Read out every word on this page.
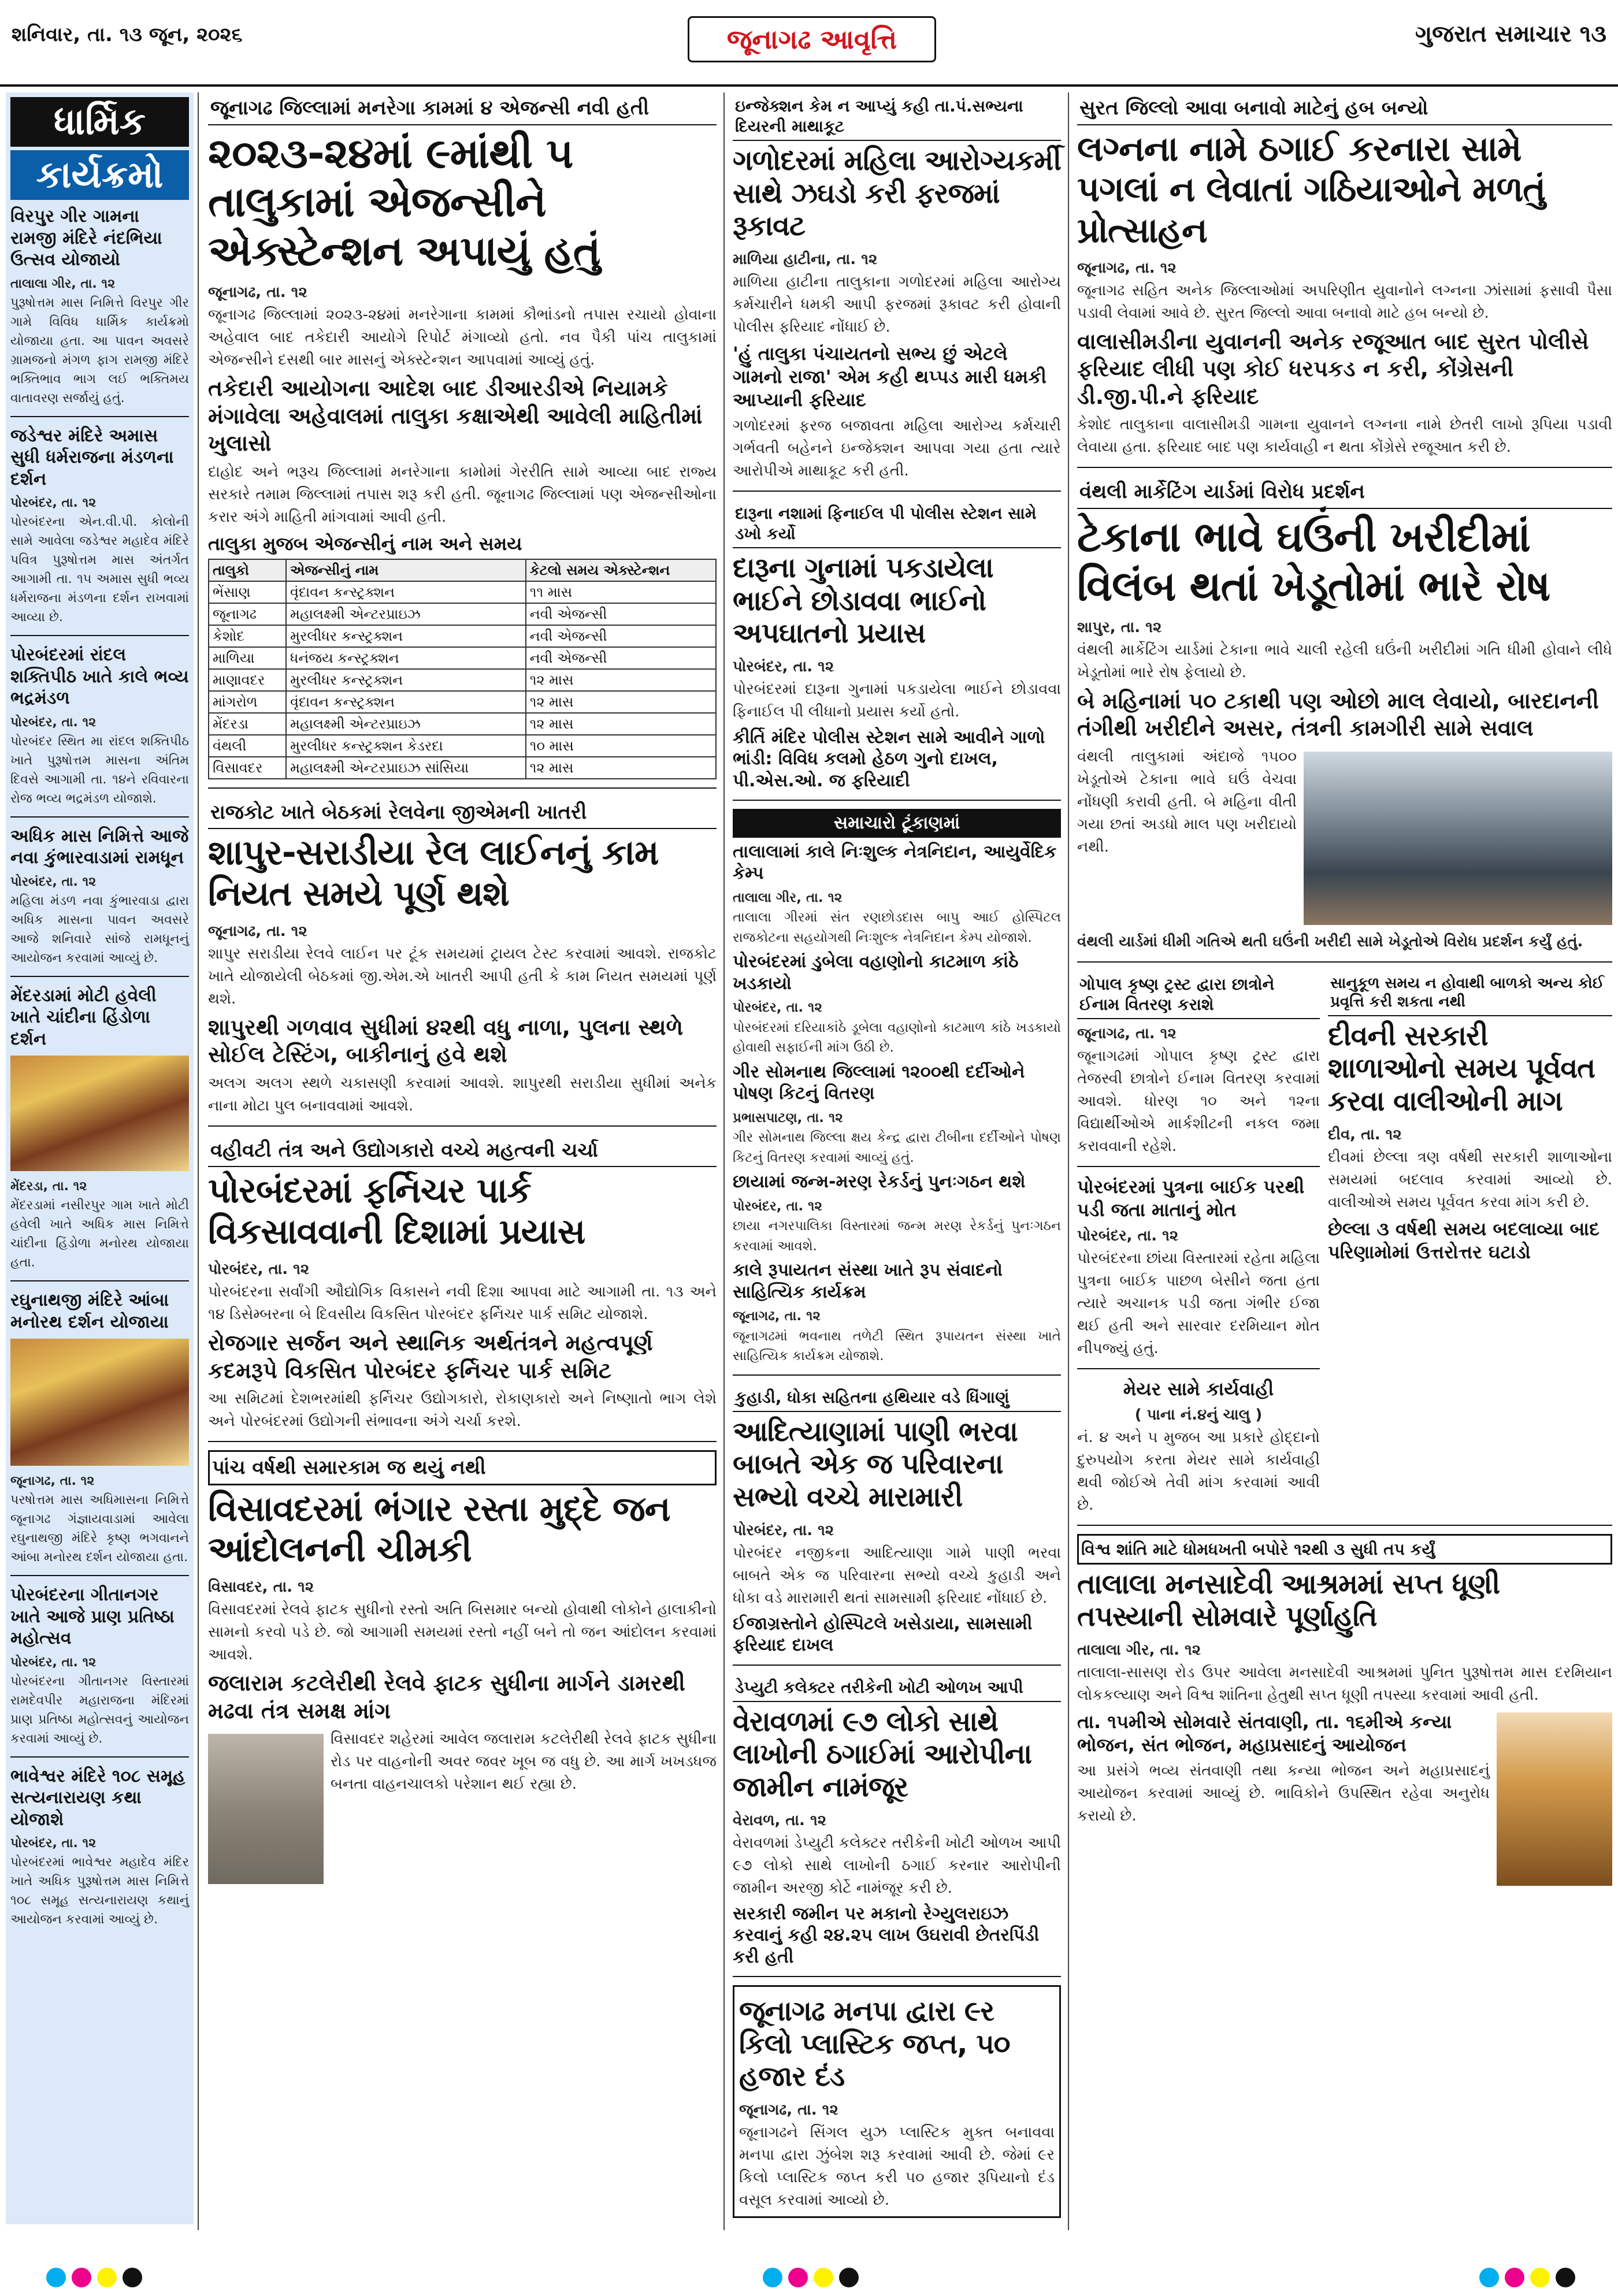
શનિવાર, તા. ૧૩ જૂન, ૨૦૨૬	જૂનાગઢ આવૃત્તિ	ગુજરાત સમાચાર ૧૩
ધાર્મિક
કાર્યક્રમો
વિરપુર ગીર ગામના રામજી મંદિરે નંદભિયા ઉત્સવ યોજાયો
તાલાલા ગીર, તા. ૧૨
પુરૂષોત્તમ માસ નિમિત્તે વિરપુર ગીર ગામે વિવિધ ધાર્મિક કાર્યક્રમો યોજાયા હતા. આ પાવન અવસરે ગ્રામજનો મંગળ ફાગ રામજી મંદિરે ભક્તિભાવ ભાગ લઈ ભક્તિમય વાતાવરણ સર્જાયું હતું.
જડેશ્વર મંદિરે અમાસ સુધી ધર્મરાજના મંડળના દર્શન
પોરબંદર, તા. ૧૨
પોરબંદરના એન.વી.પી. કોલોની સામે આવેલા જડેશ્વર મહાદેવ મંદિરે પવિત્ર પુરૂષોત્તમ માસ અંતર્ગત આગામી તા. ૧૫ અમાસ સુધી ભવ્ય ધર્મરાજના મંડળના દર્શન રાખવામાં આવ્યા છે.
પોરબંદરમાં રાંદલ શક્તિપીઠ ખાતે કાલે ભવ્ય ભદ્રમંડળ
પોરબંદર, તા. ૧૨
પોરબંદર સ્થિત મા રાંદલ શક્તિપીઠ ખાતે પુરૂષોત્તમ માસના અંતિમ દિવસે આગામી તા. ૧૪ને રવિવારના રોજ ભવ્ય ભદ્રમંડળ યોજાશે.
અધિક માસ નિમિત્તે આજે નવા કુંભારવાડામાં રામધૂન
પોરબંદર, તા. ૧૨
મહિલા મંડળ નવા કુંભારવાડા દ્વારા અધિક માસના પાવન અવસરે આજે શનિવારે સાંજે રામધૂનનું આયોજન કરવામાં આવ્યું છે.
મેંદરડામાં મોટી હવેલી ખાતે ચાંદીના હિંડોળા દર્શન
મેંદરડા, તા. ૧૨
મેંદરડામાં નસીરપુર ગામ ખાતે મોટી હવેલી ખાતે અધિક માસ નિમિત્તે ચાંદીના હિંડોળા મનોરથ યોજાયા હતા.
રઘુનાથજી મંદિરે આંબા મનોરથ દર્શન યોજાયા
જૂનાગઢ, તા. ૧૨
પરષોત્તમ માસ અધિમાસના નિમિત્તે જૂનાગઢ ગંજ્ઞાયવાડામાં આવેલા રઘુનાથજી મંદિરે કૃષ્ણ ભગવાનને આંબા મનોરથ દર્શન યોજાયા હતા.
પોરબંદરના ગીતાનગર ખાતે આજે પ્રાણ પ્રતિષ્ઠા મહોત્સવ
પોરબંદર, તા. ૧૨
પોરબંદરના ગીતાનગર વિસ્તારમાં રામદેવપીર મહારાજના મંદિરમાં પ્રાણ પ્રતિષ્ઠા મહોત્સવનું આયોજન કરવામાં આવ્યું છે.
ભાવેશ્વર મંદિરે ૧૦૮ સમૂહ સત્યનારાયણ કથા યોજાશે
પોરબંદર, તા. ૧૨
પોરબંદરમાં ભાવેશ્વર મહાદેવ મંદિર ખાતે અધિક પુરૂષોત્તમ માસ નિમિત્તે ૧૦૮ સમૂહ સત્યનારાયણ કથાનું આયોજન કરવામાં આવ્યું છે.
જૂનાગઢ જિલ્લામાં મનરેગા કામમાં ૪ એજન્સી નવી હતી
૨૦૨૩-૨૪માં ૯માંથી ૫ તાલુકામાં એજન્સીને એક્સ્ટેન્શન અપાયું હતું
જૂનાગઢ, તા. ૧૨
જૂનાગઢ જિલ્લામાં ૨૦૨૩-૨૪માં મનરેગાના કામમાં કૌભાંડનો તપાસ રચાયો હોવાના અહેવાલ બાદ તકેદારી આયોગે રિપોર્ટ મંગાવ્યો હતો. નવ પૈકી પાંચ તાલુકામાં એજન્સીને દસથી બાર માસનું એક્સ્ટેન્શન આપવામાં આવ્યું હતું.
તકેદારી આયોગના આદેશ બાદ ડીઆરડીએ નિયામકે મંગાવેલા અહેવાલમાં તાલુકા કક્ષાએથી આવેલી માહિતીમાં ખુલાસો
દાહોદ અને ભરૂચ જિલ્લામાં મનરેગાના કામોમાં ગેરરીતિ સામે આવ્યા બાદ રાજ્ય સરકારે તમામ જિલ્લામાં તપાસ શરૂ કરી હતી. જૂનાગઢ જિલ્લામાં પણ એજન્સીઓના કરાર અંગે માહિતી માંગવામાં આવી હતી.
તાલુકા મુજબ એજન્સીનું નામ અને સમય
તાલુકો	એજન્સીનું નામ	કેટલો સમય એક્સ્ટેન્શન
ભેંસાણ	વૃંદાવન કન્સ્ટ્રક્શન	૧૧ માસ
જૂનાગઢ	મહાલક્ષ્મી એન્ટરપ્રાઇઝ	નવી એજન્સી
કેશોદ	મુરલીધર કન્સ્ટ્રક્શન	નવી એજન્સી
માળિયા	ધનંજય કન્સ્ટ્રક્શન	નવી એજન્સી
માણાવદર	મુરલીધર કન્સ્ટ્રક્શન	૧૨ માસ
માંગરોળ	વૃંદાવન કન્સ્ટ્રક્શન	૧૨ માસ
મેંદરડા	મહાલક્ષ્મી એન્ટરપ્રાઇઝ	૧૨ માસ
વંથલી	મુરલીધર કન્સ્ટ્રક્શન કેડરદા	૧૦ માસ
વિસાવદર	મહાલક્ષ્મી એન્ટરપ્રાઇઝ સાંસિયા	૧૨ માસ
રાજકોટ ખાતે બેઠકમાં રેલવેના જીએમની ખાતરી
શાપુર-સરાડીયા રેલ લાઈનનું કામ નિયત સમયે પૂર્ણ થશે
જૂનાગઢ, તા. ૧૨
શાપુર સરાડીયા રેલવે લાઈન પર ટૂંક સમયમાં ટ્રાયલ ટેસ્ટ કરવામાં આવશે. રાજકોટ ખાતે યોજાયેલી બેઠકમાં જી.એમ.એ ખાતરી આપી હતી કે કામ નિયત સમયમાં પૂર્ણ થશે.
શાપુરથી ગળવાવ સુધીમાં ૪૨થી વધુ નાળા, પુલના સ્થળે સોઈલ ટેસ્ટિંગ, બાકીનાનું હવે થશે
અલગ અલગ સ્થળે ચકાસણી કરવામાં આવશે. શાપુરથી સરાડીયા સુધીમાં અનેક નાના મોટા પુલ બનાવવામાં આવશે.
વહીવટી તંત્ર અને ઉદ્યોગકારો વચ્ચે મહત્વની ચર્ચા
પોરબંદરમાં ફર્નિચર પાર્ક વિકસાવવાની દિશામાં પ્રયાસ
પોરબંદર, તા. ૧૨
પોરબંદરના સર્વાંગી ઔદ્યોગિક વિકાસને નવી દિશા આપવા માટે આગામી તા. ૧૩ અને ૧૪ ડિસેમ્બરના બે દિવસીય વિકસિત પોરબંદર ફર્નિચર પાર્ક સમિટ યોજાશે.
રોજગાર સર્જન અને સ્થાનિક અર્થતંત્રને મહત્વપૂર્ણ કદમરૂપે વિકસિત પોરબંદર ફર્નિચર પાર્ક સમિટ
આ સમિટમાં દેશભરમાંથી ફર્નિચર ઉદ્યોગકારો, રોકાણકારો અને નિષ્ણાતો ભાગ લેશે અને પોરબંદરમાં ઉદ્યોગની સંભાવના અંગે ચર્ચા કરશે.
પાંચ વર્ષથી સમારકામ જ થયું નથી
વિસાવદરમાં ભંગાર રસ્તા મુદ્દે જન આંદોલનની ચીમકી
વિસાવદર, તા. ૧૨
વિસાવદરમાં રેલવે ફાટક સુધીનો રસ્તો અતિ બિસમાર બન્યો હોવાથી લોકોને હાલાકીનો સામનો કરવો પડે છે. જો આગામી સમયમાં રસ્તો નહીં બને તો જન આંદોલન કરવામાં આવશે.
જલારામ કટલેરીથી રેલવે ફાટક સુધીના માર્ગને ડામરથી મઢવા તંત્ર સમક્ષ માંગ
વિસાવદર શહેરમાં આવેલ જલારામ કટલેરીથી રેલવે ફાટક સુધીના રોડ પર વાહનોની અવર જવર ખૂબ જ વધુ છે. આ માર્ગ ખખડધજ બનતા વાહનચાલકો પરેશાન થઈ રહ્યા છે.
ઇન્જેક્શન કેમ ન આપ્યું કહી તા.પં.સભ્યના દિયરની માથાકૂટ
ગળોદરમાં મહિલા આરોગ્યકર્મી સાથે ઝઘડો કરી ફરજમાં રૂકાવટ
માળિયા હાટીના, તા. ૧૨
માળિયા હાટીના તાલુકાના ગળોદરમાં મહિલા આરોગ્ય કર્મચારીને ધમકી આપી ફરજમાં રૂકાવટ કરી હોવાની પોલીસ ફરિયાદ નોંધાઈ છે.
'હું તાલુકા પંચાયતનો સભ્ય છું એટલે ગામનો રાજા' એમ કહી થપ્પડ મારી ધમકી આપ્યાની ફરિયાદ
ગળોદરમાં ફરજ બજાવતા મહિલા આરોગ્ય કર્મચારી ગર્ભવતી બહેનને ઇન્જેક્શન આપવા ગયા હતા ત્યારે આરોપીએ માથાકૂટ કરી હતી.
દારૂના નશામાં ફિનાઈલ પી પોલીસ સ્ટેશન સામે ડખો કર્યો
દારૂના ગુનામાં પકડાયેલા ભાઈને છોડાવવા ભાઈનો અપઘાતનો પ્રયાસ
પોરબંદર, તા. ૧૨
પોરબંદરમાં દારૂના ગુનામાં પકડાયેલા ભાઈને છોડાવવા ફિનાઈલ પી લીધાનો પ્રયાસ કર્યો હતો.
કીર્તિ મંદિર પોલીસ સ્ટેશન સામે આવીને ગાળો ભાંડી: વિવિધ કલમો હેઠળ ગુનો દાખલ, પી.એસ.ઓ. જ ફરિયાદી
સમાચારો ટૂંકાણમાં
તાલાલામાં કાલે નિઃશુલ્ક નેત્રનિદાન, આયુર્વેદિક કેમ્પ
તાલાલા ગીર, તા. ૧૨
તાલાલા ગીરમાં સંત રણછોડદાસ બાપુ આઈ હોસ્પિટલ રાજકોટના સહયોગથી નિઃશુલ્ક નેત્રનિદાન કેમ્પ યોજાશે.
પોરબંદરમાં ડુબેલા વહાણોનો કાટમાળ કાંઠે ખડકાયો
પોરબંદર, તા. ૧૨
પોરબંદરમાં દરિયાકાંઠે ડૂબેલા વહાણોનો કાટમાળ કાંઠે ખડકાયો હોવાથી સફાઈની માંગ ઉઠી છે.
ગીર સોમનાથ જિલ્લામાં ૧૨૦૦થી દર્દીઓને પોષણ કિટનું વિતરણ
પ્રભાસપાટણ, તા. ૧૨
ગીર સોમનાથ જિલ્લા ક્ષય કેન્દ્ર દ્વારા ટીબીના દર્દીઓને પોષણ કિટનું વિતરણ કરવામાં આવ્યું હતું.
છાયામાં જન્મ-મરણ રેકર્ડનું પુનઃગઠન થશે
પોરબંદર, તા. ૧૨
છાયા નગરપાલિકા વિસ્તારમાં જન્મ મરણ રેકર્ડનું પુનઃગઠન કરવામાં આવશે.
કાલે રૂપાયતન સંસ્થા ખાતે રૂપ સંવાદનો સાહિત્યિક કાર્યક્રમ
જૂનાગઢ, તા. ૧૨
જૂનાગઢમાં ભવનાથ તળેટી સ્થિત રૂપાયતન સંસ્થા ખાતે સાહિત્યિક કાર્યક્રમ યોજાશે.
કુહાડી, ધોકા સહિતના હથિયાર વડે ધિંગાણું
આદિત્યાણામાં પાણી ભરવા બાબતે એક જ પરિવારના સભ્યો વચ્ચે મારામારી
પોરબંદર, તા. ૧૨
પોરબંદર નજીકના આદિત્યાણા ગામે પાણી ભરવા બાબતે એક જ પરિવારના સભ્યો વચ્ચે કુહાડી અને ધોકા વડે મારામારી થતાં સામસામી ફરિયાદ નોંધાઈ છે.
ઈજાગ્રસ્તોને હોસ્પિટલે ખસેડાયા, સામસામી ફરિયાદ દાખલ
ડેપ્યુટી કલેક્ટર તરીકેની ખોટી ઓળખ આપી
વેરાવળમાં ૯૭ લોકો સાથે લાખોની ઠગાઈમાં આરોપીના જામીન નામંજૂર
વેરાવળ, તા. ૧૨
વેરાવળમાં ડેપ્યુટી કલેક્ટર તરીકેની ખોટી ઓળખ આપી ૯૭ લોકો સાથે લાખોની ઠગાઈ કરનાર આરોપીની જામીન અરજી કોર્ટે નામંજૂર કરી છે.
સરકારી જમીન પર મકાનો રેગ્યુલરાઇઝ કરવાનું કહી ૨૪.૨૫ લાખ ઉઘરાવી છેતરપિંડી કરી હતી
જૂનાગઢ મનપા દ્વારા ૯ર કિલો પ્લાસ્ટિક જપ્ત, ૫૦ હજાર દંડ
જૂનાગઢ, તા. ૧૨
જૂનાગઢને સિંગલ યુઝ પ્લાસ્ટિક મુક્ત બનાવવા મનપા દ્વારા ઝુંબેશ શરૂ કરવામાં આવી છે. જેમાં ૯ર કિલો પ્લાસ્ટિક જપ્ત કરી ૫૦ હજાર રૂપિયાનો દંડ વસૂલ કરવામાં આવ્યો છે.
સુરત જિલ્લો આવા બનાવો માટેનું હબ બન્યો
લગ્નના નામે ઠગાઈ કરનારા સામે પગલાં ન લેવાતાં ગઠિયાઓને મળતું પ્રોત્સાહન
જૂનાગઢ, તા. ૧૨
જૂનાગઢ સહિત અનેક જિલ્લાઓમાં અપરિણીત યુવાનોને લગ્નના ઝાંસામાં ફસાવી પૈસા પડાવી લેવામાં આવે છે. સુરત જિલ્લો આવા બનાવો માટે હબ બન્યો છે.
વાલાસીમડીના યુવાનની અનેક રજૂઆત બાદ સુરત પોલીસે ફરિયાદ લીધી પણ કોઈ ધરપકડ ન કરી, કોંગ્રેસની ડી.જી.પી.ને ફરિયાદ
કેશોદ તાલુકાના વાલાસીમડી ગામના યુવાનને લગ્નના નામે છેતરી લાખો રૂપિયા પડાવી લેવાયા હતા. ફરિયાદ બાદ પણ કાર્યવાહી ન થતા કોંગ્રેસે રજૂઆત કરી છે.
વંથલી માર્કેટિંગ યાર્ડમાં વિરોધ પ્રદર્શન
ટેકાના ભાવે ઘઉંની ખરીદીમાં વિલંબ થતાં ખેડૂતોમાં ભારે રોષ
શાપુર, તા. ૧૨
વંથલી માર્કેટિંગ યાર્ડમાં ટેકાના ભાવે ચાલી રહેલી ઘઉંની ખરીદીમાં ગતિ ધીમી હોવાને લીધે ખેડૂતોમાં ભારે રોષ ફેલાયો છે.
બે મહિનામાં ૫૦ ટકાથી પણ ઓછો માલ લેવાયો, બારદાનની તંગીથી ખરીદીને અસર, તંત્રની કામગીરી સામે સવાલ
વંથલી તાલુકામાં અંદાજે ૧૫૦૦ ખેડૂતોએ ટેકાના ભાવે ઘઉં વેચવા નોંધણી કરાવી હતી. બે મહિના વીતી ગયા છતાં અડધો માલ પણ ખરીદાયો નથી.
વંથલી યાર્ડમાં ધીમી ગતિએ થતી ઘઉંની ખરીદી સામે ખેડૂતોએ વિરોધ પ્રદર્શન કર્યું હતું.
ગોપાલ કૃષ્ણ ટ્રસ્ટ દ્વારા છાત્રોને ઈનામ વિતરણ કરાશે
જૂનાગઢ, તા. ૧૨
જૂનાગઢમાં ગોપાલ કૃષ્ણ ટ્રસ્ટ દ્વારા તેજસ્વી છાત્રોને ઈનામ વિતરણ કરવામાં આવશે. ધોરણ ૧૦ અને ૧૨ના વિદ્યાર્થીઓએ માર્કશીટની નકલ જમા કરાવવાની રહેશે.
પોરબંદરમાં પુત્રના બાઈક પરથી પડી જતા માતાનું મોત
પોરબંદર, તા. ૧૨
પોરબંદરના છાંયા વિસ્તારમાં રહેતા મહિલા પુત્રના બાઈક પાછળ બેસીને જતા હતા ત્યારે અચાનક પડી જતા ગંભીર ઈજા થઈ હતી અને સારવાર દરમિયાન મોત નીપજ્યું હતું.
મેયર સામે કાર્યવાહી
( પાના નં.૪નું ચાલુ )
નં. ૪ અને ૫ મુજબ આ પ્રકારે હોદ્દાનો દુરુપયોગ કરતા મેયર સામે કાર્યવાહી થવી જોઈએ તેવી માંગ કરવામાં આવી છે.
સાનુકૂળ સમય ન હોવાથી બાળકો અન્ય કોઈ પ્રવૃત્તિ કરી શકતા નથી
દીવની સરકારી શાળાઓનો સમય પૂર્વવત કરવા વાલીઓની માગ
દીવ, તા. ૧૨
દીવમાં છેલ્લા ત્રણ વર્ષથી સરકારી શાળાઓના સમયમાં બદલાવ કરવામાં આવ્યો છે. વાલીઓએ સમય પૂર્વવત કરવા માંગ કરી છે.
છેલ્લા ૩ વર્ષથી સમય બદલાવ્યા બાદ પરિણામોમાં ઉત્તરોત્તર ઘટાડો
વિશ્વ શાંતિ માટે ધોમધખતી બપોરે ૧૨થી ૩ સુધી તપ કર્યું
તાલાલા મનસાદેવી આશ્રમમાં સપ્ત ધૂણી તપસ્યાની સોમવારે પૂર્ણાહુતિ
તાલાલા ગીર, તા. ૧૨
તાલાલા-સાસણ રોડ ઉપર આવેલા મનસાદેવી આશ્રમમાં પુનિત પુરૂષોત્તમ માસ દરમિયાન લોકકલ્યાણ અને વિશ્વ શાંતિના હેતુથી સપ્ત ધૂણી તપસ્યા કરવામાં આવી હતી.
તા. ૧૫મીએ સોમવારે સંતવાણી, તા. ૧૬મીએ કન્યા ભોજન, સંત ભોજન, મહાપ્રસાદનું આયોજન
આ પ્રસંગે ભવ્ય સંતવાણી તથા કન્યા ભોજન અને મહાપ્રસાદનું આયોજન કરવામાં આવ્યું છે. ભાવિકોને ઉપસ્થિત રહેવા અનુરોધ કરાયો છે.
